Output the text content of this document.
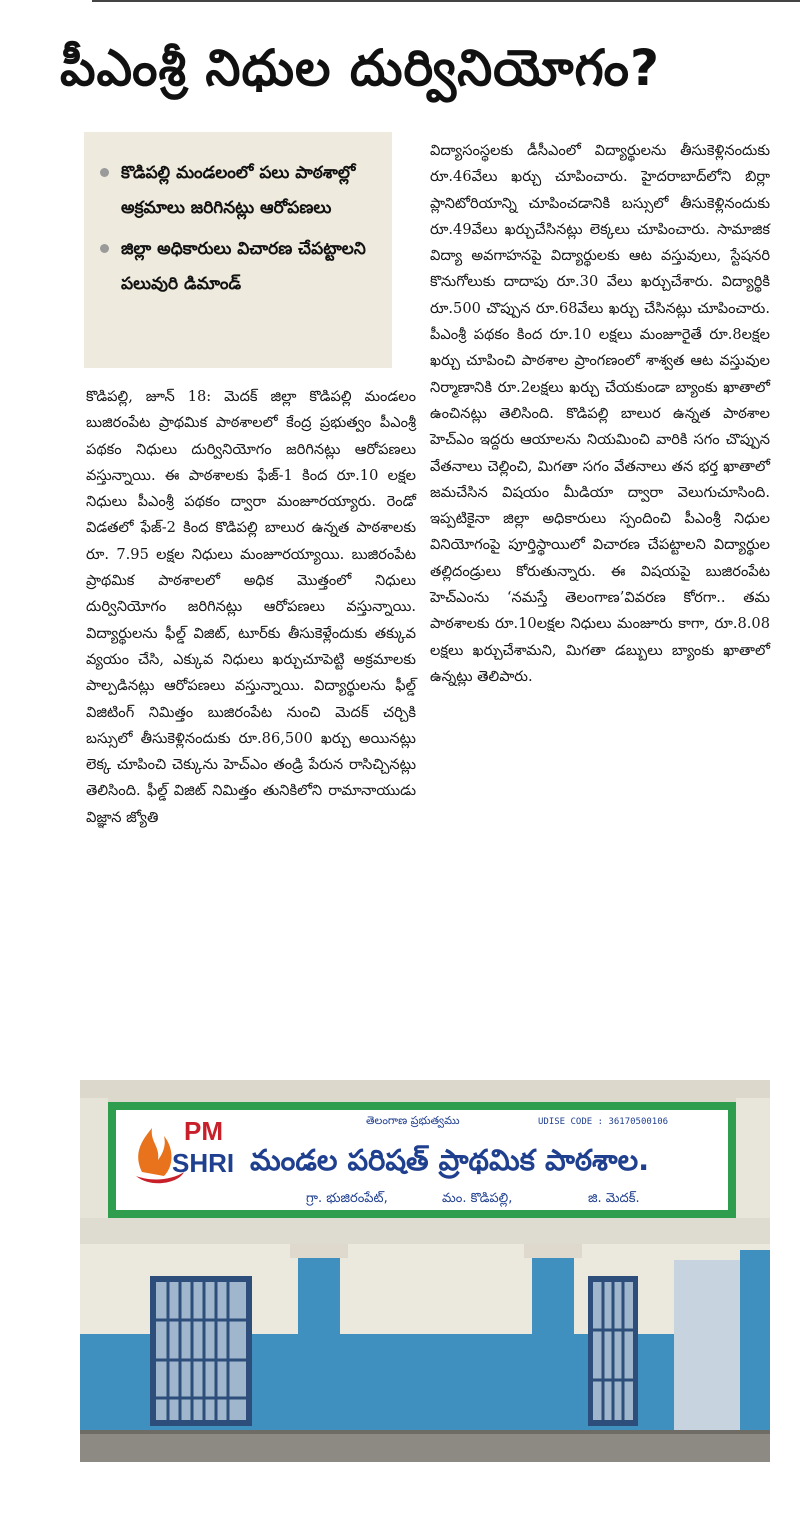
పీఎంశ్రీ నిధుల దుర్వినియోగం?
కొడిపల్లి మండలంలో పలు పాఠశాల్లో అక్రమాలు జరిగినట్లు ఆరోపణలు
జిల్లా అధికారులు విచారణ చేపట్టాలని పలువురి డిమాండ్

కొడిపల్లి, జూన్ 18: మెదక్ జిల్లా కొడిపల్లి మండలం బుజిరంపేట ప్రాథమిక పాఠశాలలో కేంద్ర ప్రభుత్వం పీఎంశ్రీ పథకం నిధులు దుర్వినియోగం జరిగినట్లు ఆరోపణలు వస్తున్నాయి. ఈ పాఠశాలకు ఫేజ్-1 కింద రూ.10 లక్షల నిధులు పీఎంశ్రీ పథకం ద్వారా మంజూరయ్యారు. రెండో విడతలో ఫేజ్-2 కింద కొడిపల్లి బాలుర ఉన్నత పాఠశాలకు రూ. 7.95 లక్షల నిధులు మంజూరయ్యాయి. బుజిరంపేట ప్రాథమిక పాఠశాలలో అధిక మొత్తంలో నిధులు దుర్వినియోగం జరిగినట్లు ఆరోపణలు వస్తున్నాయి. విద్యార్థులను ఫీల్డ్ విజిట్, టూర్‌కు తీసుకెళ్లేందుకు తక్కువ వ్యయం చేసి, ఎక్కువ నిధులు ఖర్చుచూపెట్టి అక్రమాలకు పాల్పడినట్లు ఆరోపణలు వస్తున్నాయి. విద్యార్థులను ఫీల్డ్ విజిటింగ్ నిమిత్తం బుజిరంపేట నుంచి మెదక్ చర్చికి బస్సులో తీసుకెళ్లినందుకు రూ.86,500 ఖర్చు అయినట్లు లెక్క చూపించి చెక్కును హెచ్ఎం తండ్రి పేరున రాసిచ్చినట్లు తెలిసింది. ఫీల్డ్ విజిట్ నిమిత్తం తునికిలోని రామానాయుడు విజ్ఞాన జ్యోతి

విద్యాసంస్థలకు డీసీఎంలో విద్యార్థులను తీసుకెళ్లినందుకు రూ.46వేలు ఖర్చు చూపించారు. హైదరాబాద్‌లోని బిర్లా ప్లానిటోరియాన్ని చూపించడానికి బస్సులో తీసుకెళ్లినందుకు రూ.49వేలు ఖర్చుచేసినట్లు లెక్కలు చూపించారు. సామాజిక విద్యా అవగాహనపై విద్యార్థులకు ఆట వస్తువులు, స్టేషనరి కొనుగోలుకు దాదాపు రూ.30 వేలు ఖర్చుచేశారు. విద్యార్థికి రూ.500 చొప్పున రూ.68వేలు ఖర్చు చేసినట్లు చూపించారు. పీఎంశ్రీ పథకం కింద రూ.10 లక్షలు మంజూరైతే రూ.8లక్షల ఖర్చు చూపించి పాఠశాల ప్రాంగణంలో శాశ్వత ఆట వస్తువుల నిర్మాణానికి రూ.2లక్షలు ఖర్చు చేయకుండా బ్యాంకు ఖాతాలో ఉంచినట్లు తెలిసింది. కొడిపల్లి బాలుర ఉన్నత పాఠశాల హెచ్ఎం ఇద్దరు ఆయాలను నియమించి వారికి సగం చొప్పున వేతనాలు చెల్లించి, మిగతా సగం వేతనాలు తన భర్త ఖాతాలో జమచేసిన విషయం మీడియా ద్వారా వెలుగుచూసింది. ఇప్పటికైనా జిల్లా అధికారులు స్పందించి పీఎంశ్రీ నిధుల వినియోగంపై పూర్తిస్థాయిలో విచారణ చేపట్టాలని విద్యార్థుల తల్లిదండ్రులు కోరుతున్నారు. ఈ విషయపై బుజిరంపేట హెచ్ఎంను ‘నమస్తే తెలంగాణ’వివరణ కోరగా.. తమ పాఠశాలకు రూ.10లక్షల నిధులు మంజూరు కాగా, రూ.8.08 లక్షలు ఖర్చుచేశామని, మిగతా డబ్బులు బ్యాంకు ఖాతాలో ఉన్నట్లు తెలిపారు.

PM
SHRI
తెలంగాణ ప్రభుత్వము	UDISE CODE : 36170500106
మండల పరిషత్ ప్రాథమిక పాఠశాల.
గ్రా. భుజిరంపేట్,	మం. కొడిపల్లి,	జి. మెదక్.
